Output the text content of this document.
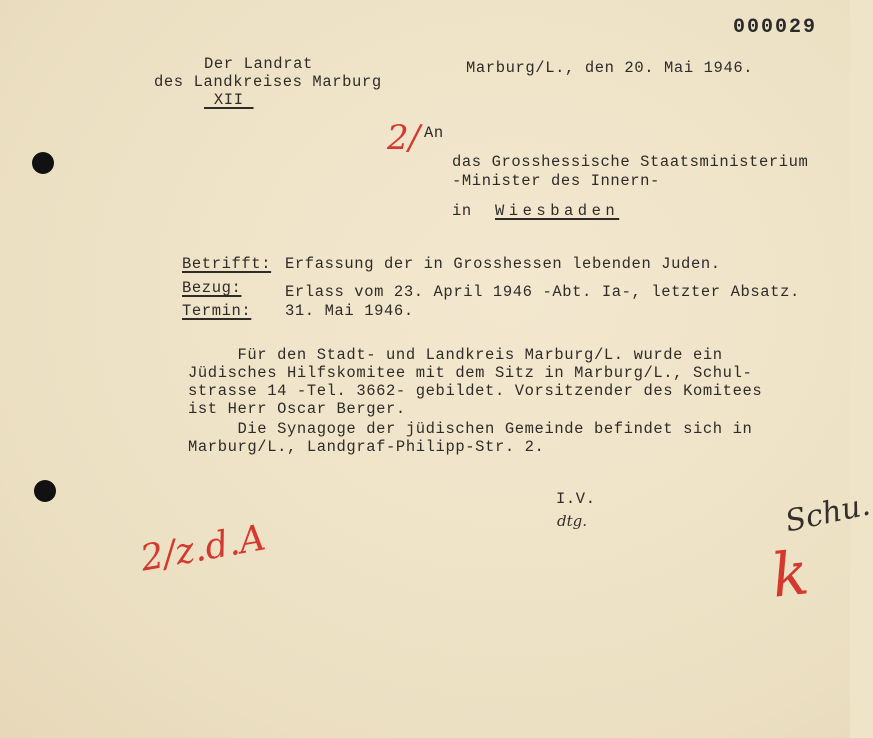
000029
Der Landrat
des Landkreises Marburg
XII
Marburg/L., den 20. Mai 1946.
2/ An
das Grosshessische Staatsministerium
-Minister des Innern-
in Wiesbaden
Betrifft: Erfassung der in Grosshessen lebenden Juden.
Bezug:	Erlass vom 23. April 1946 -Abt. Ia-, letzter Absatz.
Termin: 31. Mai 1946.
Für den Stadt- und Landkreis Marburg/L. wurde ein
Jüdisches Hilfskomitee mit dem Sitz in Marburg/L., Schul-
strasse 14 -Tel. 3662- gebildet. Vorsitzender des Komitees
ist Herr Oscar Berger.
Die Synagoge der jüdischen Gemeinde befindet sich in
Marburg/L., Landgraf-Philipp-Str. 2.
I.V.
dtg.
2/z.d.A
Schu.
k
